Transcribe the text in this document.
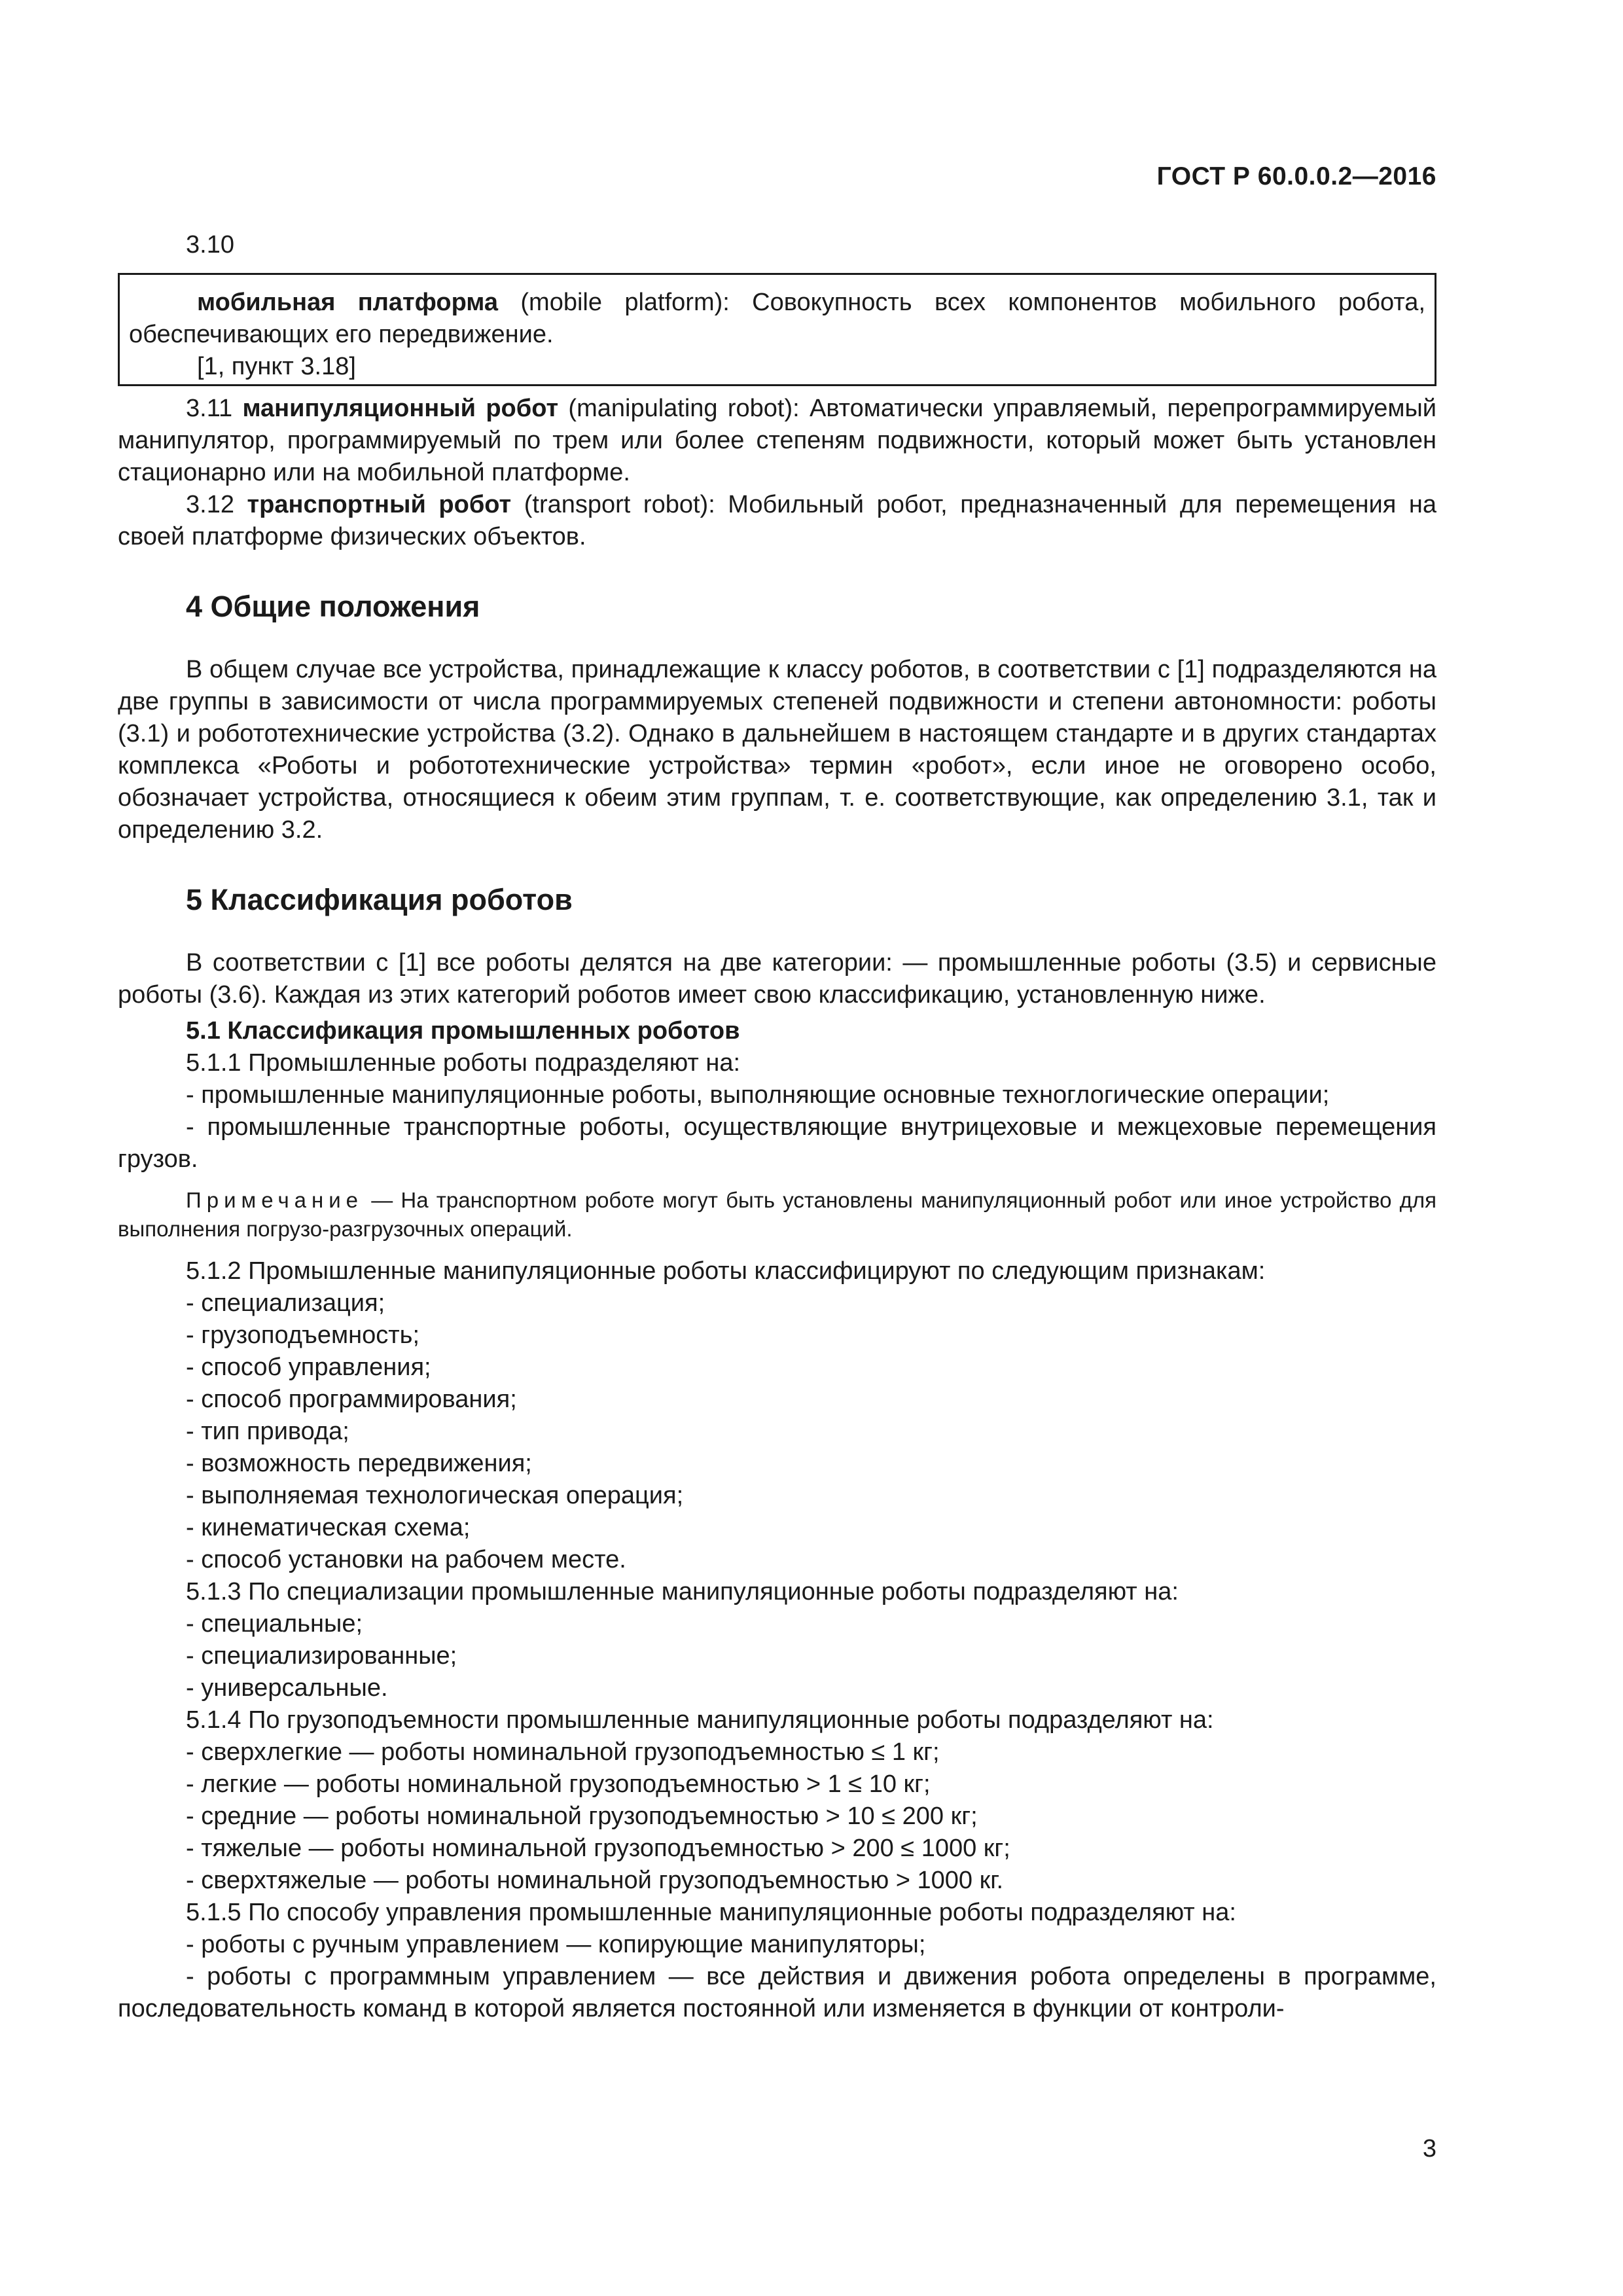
ГОСТ Р 60.0.0.2—2016

3.10

мобильная платформа (mobile platform): Совокупность всех компонентов мобильного робота, обеспечивающих его передвижение.

[1, пункт 3.18]

3.11 манипуляционный робот (manipulating robot): Автоматически управляемый, перепрограммируемый манипулятор, программируемый по трем или более степеням подвижности, который может быть установлен стационарно или на мобильной платформе.

3.12 транспортный робот (transport robot): Мобильный робот, предназначенный для перемещения на своей платформе физических объектов.

4 Общие положения

В общем случае все устройства, принадлежащие к классу роботов, в соответствии с [1] подразделяются на две группы в зависимости от числа программируемых степеней подвижности и степени автономности: роботы (3.1) и робототехнические устройства (3.2). Однако в дальнейшем в настоящем стандарте и в других стандартах комплекса «Роботы и робототехнические устройства» термин «робот», если иное не оговорено особо, обозначает устройства, относящиеся к обеим этим группам, т. е. соответствующие, как определению 3.1, так и определению 3.2.

5 Классификация роботов

В соответствии с [1] все роботы делятся на две категории: — промышленные роботы (3.5) и сервисные роботы (3.6). Каждая из этих категорий роботов имеет свою классификацию, установленную ниже.

5.1 Классификация промышленных роботов

5.1.1 Промышленные роботы подразделяют на:

- промышленные манипуляционные роботы, выполняющие основные техноглогические операции;

- промышленные транспортные роботы, осуществляющие внутрицеховые и межцеховые перемещения грузов.

Примечание — На транспортном роботе могут быть установлены манипуляционный робот или иное устройство для выполнения погрузо-разгрузочных операций.

5.1.2 Промышленные манипуляционные роботы классифицируют по следующим признакам:

- специализация;

- грузоподъемность;

- способ управления;

- способ программирования;

- тип привода;

- возможность передвижения;

- выполняемая технологическая операция;

- кинематическая схема;

- способ установки на рабочем месте.

5.1.3 По специализации промышленные манипуляционные роботы подразделяют на:

- специальные;

- специализированные;

- универсальные.

5.1.4 По грузоподъемности промышленные манипуляционные роботы подразделяют на:

- сверхлегкие — роботы номинальной грузоподъемностью ≤ 1 кг;

- легкие — роботы номинальной грузоподъемностью > 1 ≤ 10 кг;

- средние — роботы номинальной грузоподъемностью > 10 ≤ 200 кг;

- тяжелые — роботы номинальной грузоподъемностью > 200 ≤ 1000 кг;

- сверхтяжелые — роботы номинальной грузоподъемностью > 1000 кг.

5.1.5 По способу управления промышленные манипуляционные роботы подразделяют на:

- роботы с ручным управлением — копирующие манипуляторы;

- роботы с программным управлением — все действия и движения робота определены в программе, последовательность команд в которой является постоянной или изменяется в функции от контроли-

3
